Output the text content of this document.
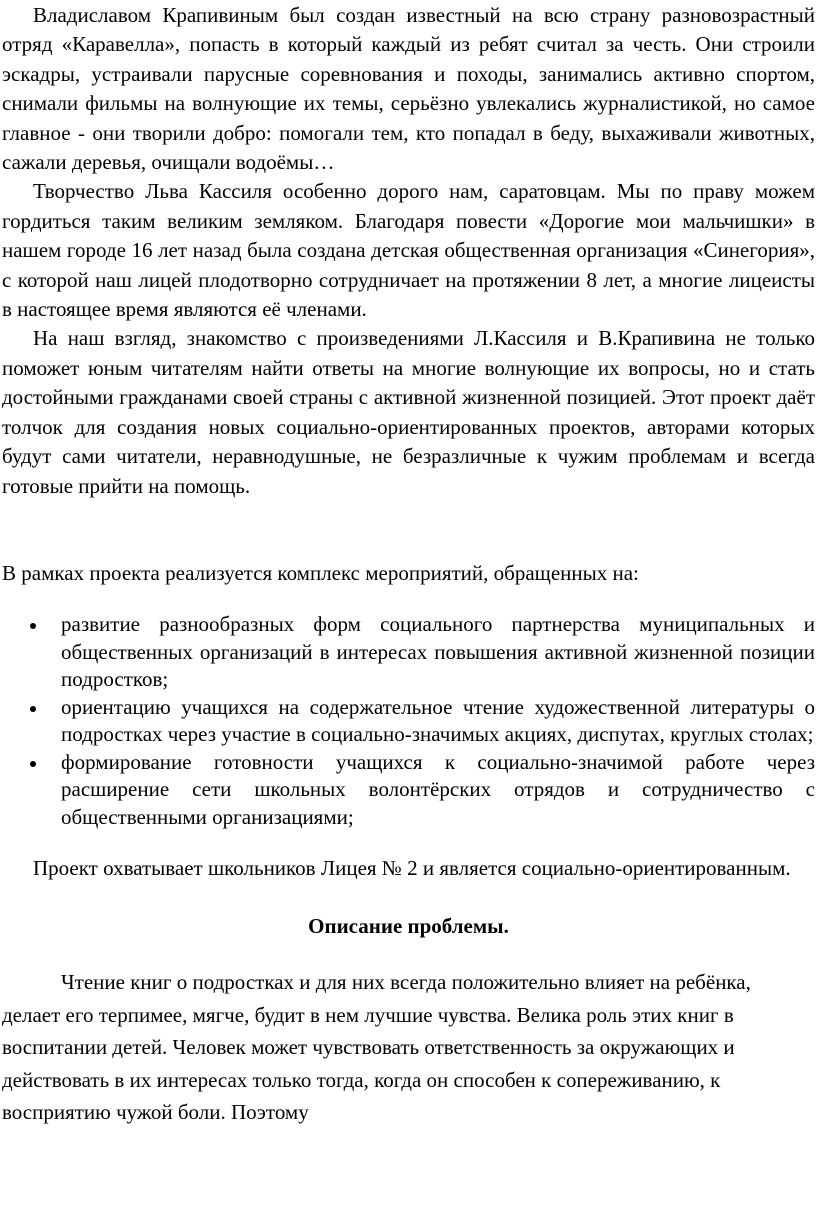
Владиславом Крапивиным был создан известный на всю страну разновозрастный отряд «Каравелла», попасть в который каждый из ребят считал за честь. Они строили эскадры, устраивали парусные соревнования и походы, занимались активно спортом, снимали фильмы на волнующие их темы, серьёзно увлекались журналистикой, но самое главное - они творили добро: помогали тем, кто попадал в беду, выхаживали животных, сажали деревья, очищали водоёмы…

Творчество Льва Кассиля особенно дорого нам, саратовцам. Мы по праву можем гордиться таким великим земляком. Благодаря повести «Дорогие мои мальчишки» в нашем городе 16 лет назад была создана детская общественная организация «Синегория», с которой наш лицей плодотворно сотрудничает на протяжении 8 лет, а многие лицеисты в настоящее время являются её членами.

На наш взгляд, знакомство с произведениями Л.Кассиля и В.Крапивина не только поможет юным читателям найти ответы на многие волнующие их вопросы, но и стать достойными гражданами своей страны с активной жизненной позицией. Этот проект даёт толчок для создания новых социально-ориентированных проектов, авторами которых будут сами читатели, неравнодушные, не безразличные к чужим проблемам и всегда готовые прийти на помощь.

В рамках проекта реализуется комплекс мероприятий, обращенных на:

развитие разнообразных форм социального партнерства муниципальных и общественных организаций в интересах повышения активной жизненной позиции подростков;
ориентацию учащихся на содержательное чтение художественной литературы о подростках через участие в социально-значимых акциях, диспутах, круглых столах;
формирование готовности учащихся к социально-значимой работе через расширение сети школьных волонтёрских отрядов и сотрудничество с общественными организациями;

Проект охватывает школьников Лицея № 2 и является социально-ориентированным.

Описание проблемы.

Чтение книг о подростках и для них всегда положительно влияет на ребёнка, делает его терпимее, мягче, будит в нем лучшие чувства. Велика роль этих книг в воспитании детей. Человек может чувствовать ответственность за окружающих и действовать в их интересах только тогда, когда он способен к сопереживанию, к восприятию чужой боли. Поэтому
